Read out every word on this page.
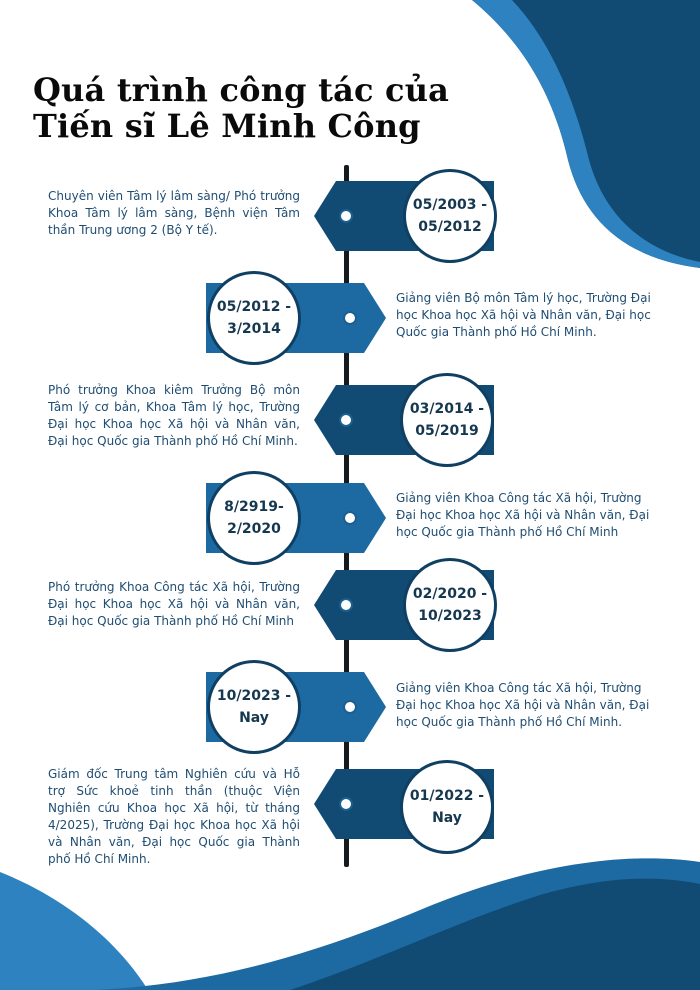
Quá trình công tác của
Tiến sĩ Lê Minh Công
05/2003 - 05/2012

Chuyên viên Tâm lý lâm sàng/ Phó trưởng Khoa Tâm lý lâm sàng, Bệnh viện Tâm thần Trung ương 2 (Bộ Y tế).

05/2012 - 3/2014

Giảng viên Bộ môn Tâm lý học, Trường Đại học Khoa học Xã hội và Nhân văn, Đại học Quốc gia Thành phố Hồ Chí Minh.

03/2014 - 05/2019

Phó trưởng Khoa kiêm Trưởng Bộ môn Tâm lý cơ bản, Khoa Tâm lý học, Trường Đại học Khoa học Xã hội và Nhân văn, Đại học Quốc gia Thành phố Hồ Chí Minh.

8/2919- 2/2020

Giảng viên Khoa Công tác Xã hội, Trường Đại học Khoa học Xã hội và Nhân văn, Đại học Quốc gia Thành phố Hồ Chí Minh

02/2020 - 10/2023

Phó trưởng Khoa Công tác Xã hội, Trường Đại học Khoa học Xã hội và Nhân văn, Đại học Quốc gia Thành phố Hồ Chí Minh

10/2023 - Nay

Giảng viên Khoa Công tác Xã hội, Trường Đại học Khoa học Xã hội và Nhân văn, Đại học Quốc gia Thành phố Hồ Chí Minh.

01/2022 - Nay

Giám đốc Trung tâm Nghiên cứu và Hỗ trợ Sức khoẻ tinh thần (thuộc Viện Nghiên cứu Khoa học Xã hội, từ tháng 4/2025), Trường Đại học Khoa học Xã hội và Nhân văn, Đại học Quốc gia Thành phố Hồ Chí Minh.
